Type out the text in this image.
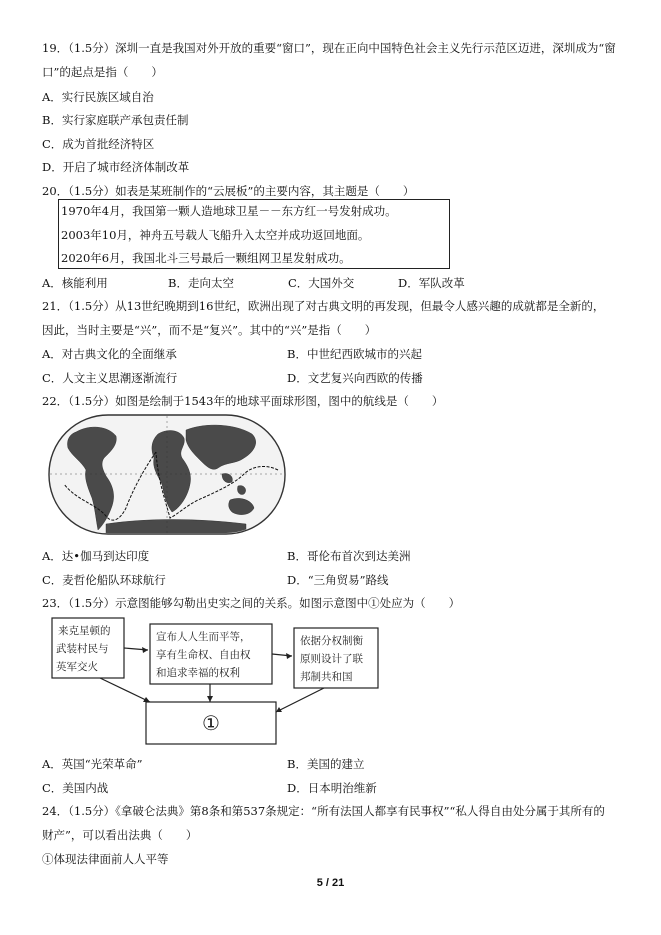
19．（1.5分）深圳一直是我国对外开放的重要“窗口”，现在正向中国特色社会主义先行示范区迈进，深圳成为“窗
口”的起点是指（　　）
A．实行民族区域自治
B．实行家庭联产承包责任制
C．成为首批经济特区
D．开启了城市经济体制改革
20．（1.5分）如表是某班制作的“云展板”的主要内容，其主题是（　　）
1970年4月，我国第一颗人造地球卫星－－东方红一号发射成功。
2003年10月，神舟五号载人飞船升入太空并成功返回地面。
2020年6月，我国北斗三号最后一颗组网卫星发射成功。
A．核能利用	B．走向太空	C．大国外交	D．军队改革
21．（1.5分）从13世纪晚期到16世纪，欧洲出现了对古典文明的再发现，但最令人感兴趣的成就都是全新的，
因此，当时主要是“兴”，而不是“复兴”。其中的“兴”是指（　　）
A．对古典文化的全面继承	B．中世纪西欧城市的兴起
C．人文主义思潮逐渐流行	D．文艺复兴向西欧的传播
22．（1.5分）如图是绘制于1543年的地球平面球形图，图中的航线是（　　）
A．达•伽马到达印度	B．哥伦布首次到达美洲
C．麦哲伦船队环球航行	D．“三角贸易”路线
23．（1.5分）示意图能够勾勒出史实之间的关系。如图示意图中①处应为（　　）
来克星顿的
武装村民与
英军交火
宣布人人生而平等，
享有生命权、自由权
和追求幸福的权利
依据分权制衡
原则设计了联
邦制共和国
①
A．英国“光荣革命”	B．美国的建立
C．美国内战	D．日本明治维新
24．（1.5分）《拿破仑法典》第8条和第537条规定：“所有法国人都享有民事权”“私人得自由处分属于其所有的
财产”，可以看出法典（　　）
①体现法律面前人人平等
5 / 21
